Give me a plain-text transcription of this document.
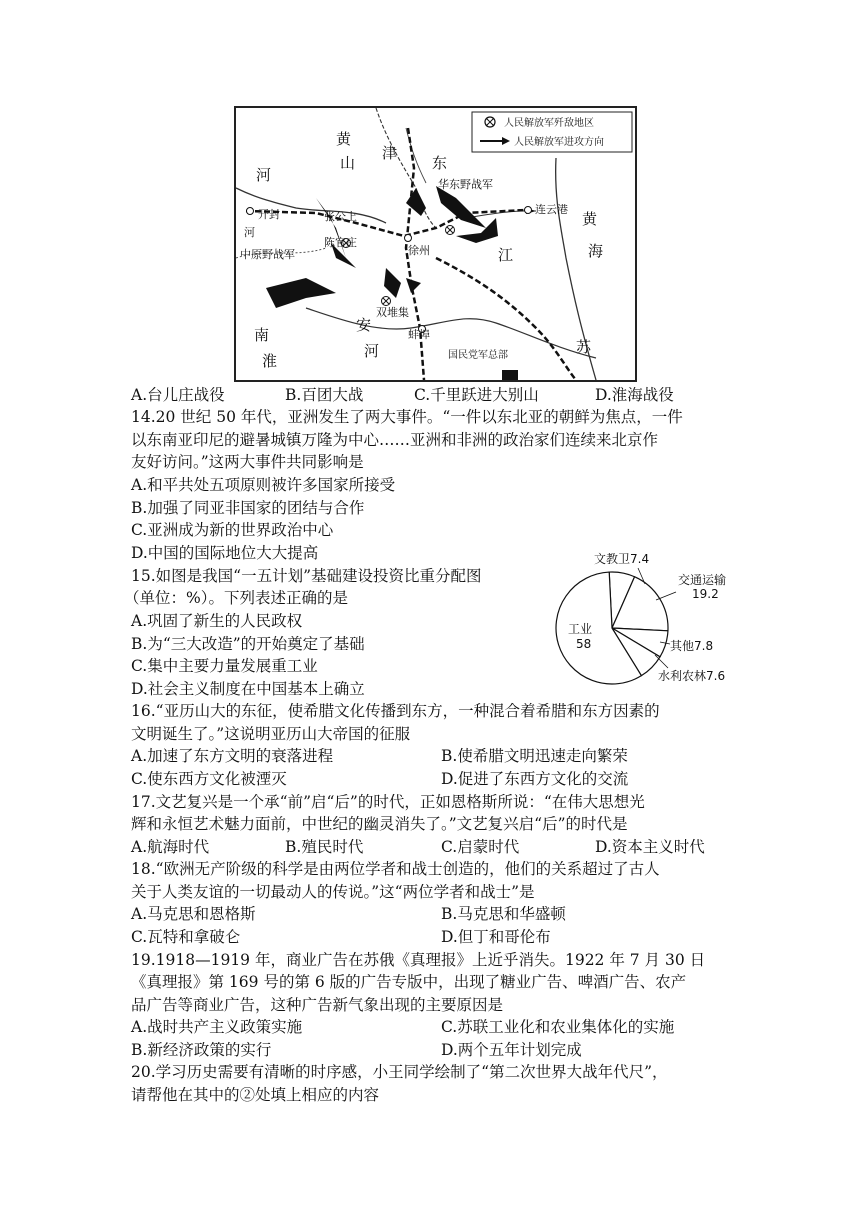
人民解放军歼敌地区
人民解放军进攻方向
黄
山
津
东
河
华东野战军
连云港
黄
海
开封	张公上
陈官庄
河
中原野战军	徐州	江
双堆集
安
河
南
淮
蚌埠
国民党军总部	苏
A.台儿庄战役	B.百团大战	C.千里跃进大别山	D.淮海战役
14.20 世纪 50 年代，亚洲发生了两大事件。“一件以东北亚的朝鲜为焦点，一件
以东南亚印尼的避暑城镇万隆为中心……亚洲和非洲的政治家们连续来北京作
友好访问。”这两大事件共同影响是
A.和平共处五项原则被许多国家所接受
B.加强了同亚非国家的团结与合作
C.亚洲成为新的世界政治中心
D.中国的国际地位大大提高
15.如图是我国“一五计划”基础建设投资比重分配图
（单位：%）。下列表述正确的是
A.巩固了新生的人民政权
B.为“三大改造”的开始奠定了基础
C.集中主要力量发展重工业
D.社会主义制度在中国基本上确立
工业
58
文教卫7.4
交通运输
19.2
其他7.8
水利农林7.6
16.“亚历山大的东征，使希腊文化传播到东方，一种混合着希腊和东方因素的
文明诞生了。”这说明亚历山大帝国的征服
A.加速了东方文明的衰落进程	B.使希腊文明迅速走向繁荣
C.使东西方文化被湮灭	D.促进了东西方文化的交流
17.文艺复兴是一个承“前”启“后”的时代，正如恩格斯所说：“在伟大思想光
辉和永恒艺术魅力面前，中世纪的幽灵消失了。”文艺复兴启“后”的时代是
A.航海时代	B.殖民时代	C.启蒙时代	D.资本主义时代
18.“欧洲无产阶级的科学是由两位学者和战士创造的，他们的关系超过了古人
关于人类友谊的一切最动人的传说。”这“两位学者和战士”是
A.马克思和恩格斯	B.马克思和华盛顿
C.瓦特和拿破仑	D.但丁和哥伦布
19.1918—1919 年，商业广告在苏俄《真理报》上近乎消失。1922 年 7 月 30 日
《真理报》第 169 号的第 6 版的广告专版中，出现了糖业广告、啤酒广告、农产
品广告等商业广告，这种广告新气象出现的主要原因是
A.战时共产主义政策实施	C.苏联工业化和农业集体化的实施
B.新经济政策的实行	D.两个五年计划完成
20.学习历史需要有清晰的时序感，小王同学绘制了“第二次世界大战年代尺”，
请帮他在其中的②处填上相应的内容
